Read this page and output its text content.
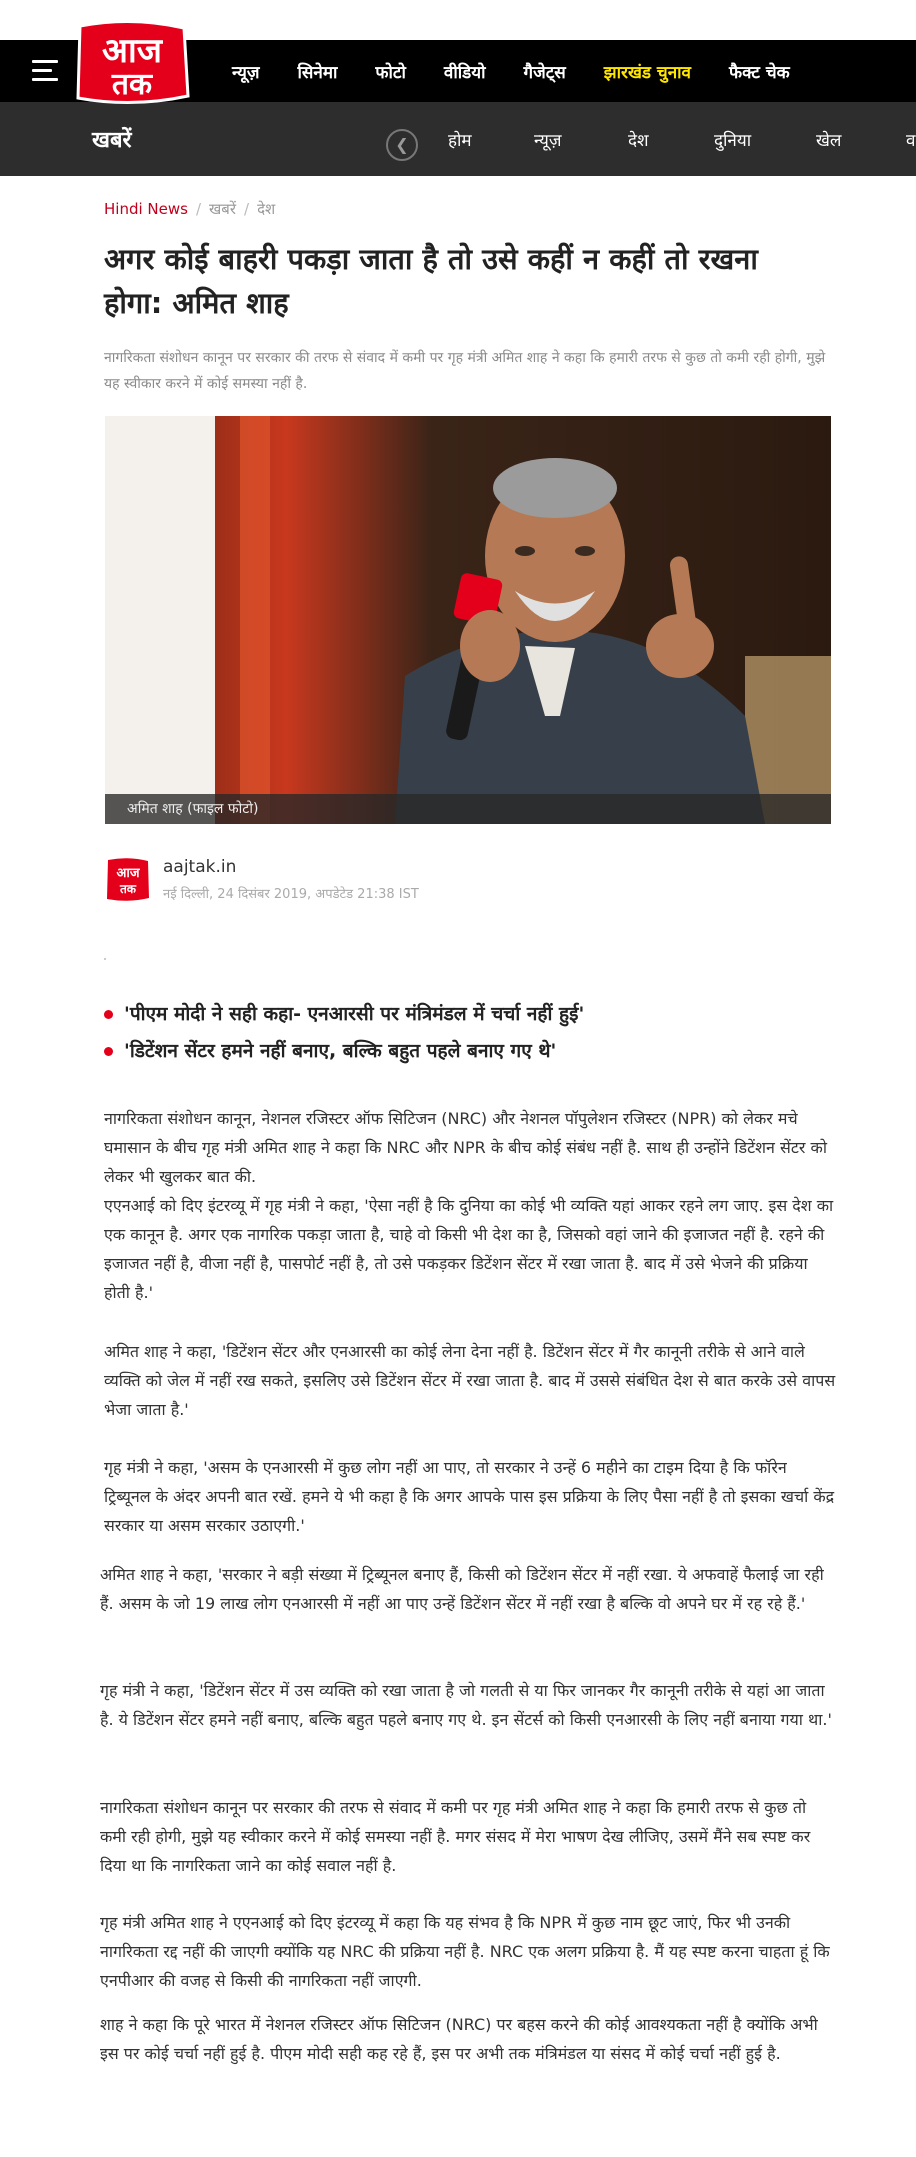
न्यूज़ सिनेमा फोटो वीडियो गैजेट्स झारखंड चुनाव फैक्ट चेक
आज
तक
खबरें	❮	होम	न्यूज़	देश	दुनिया	खेल	व
Hindi News / खबरें / देश
अगर कोई बाहरी पकड़ा जाता है तो उसे कहीं न कहीं तो रखना होगा: अमित शाह

नागरिकता संशोधन कानून पर सरकार की तरफ से संवाद में कमी पर गृह मंत्री अमित शाह ने कहा कि हमारी तरफ से कुछ तो कमी रही होगी, मुझे यह स्वीकार करने में कोई समस्या नहीं है.

अमित शाह (फाइल फोटो)
आज
तक
aajtak.in
नई दिल्ली, 24 दिसंबर 2019, अपडेटेड 21:38 IST
'पीएम मोदी ने सही कहा- एनआरसी पर मंत्रिमंडल में चर्चा नहीं हुई'
'डिटेंशन सेंटर हमने नहीं बनाए, बल्कि बहुत पहले बनाए गए थे'

नागरिकता संशोधन कानून, नेशनल रजिस्टर ऑफ सिटिजन (NRC) और नेशनल पॉपुलेशन रजिस्टर (NPR) को लेकर मचे घमासान के बीच गृह मंत्री अमित शाह ने कहा कि NRC और NPR के बीच कोई संबंध नहीं है. साथ ही उन्होंने डिटेंशन सेंटर को लेकर भी खुलकर बात की.

एएनआई को दिए इंटरव्यू में गृह मंत्री ने कहा, 'ऐसा नहीं है कि दुनिया का कोई भी व्यक्ति यहां आकर रहने लग जाए. इस देश का एक कानून है. अगर एक नागरिक पकड़ा जाता है, चाहे वो किसी भी देश का है, जिसको वहां जाने की इजाजत नहीं है. रहने की इजाजत नहीं है, वीजा नहीं है, पासपोर्ट नहीं है, तो उसे पकड़कर डिटेंशन सेंटर में रखा जाता है. बाद में उसे भेजने की प्रक्रिया होती है.'

अमित शाह ने कहा, 'डिटेंशन सेंटर और एनआरसी का कोई लेना देना नहीं है. डिटेंशन सेंटर में गैर कानूनी तरीके से आने वाले व्यक्ति को जेल में नहीं रख सकते, इसलिए उसे डिटेंशन सेंटर में रखा जाता है. बाद में उससे संबंधित देश से बात करके उसे वापस भेजा जाता है.'

गृह मंत्री ने कहा, 'असम के एनआरसी में कुछ लोग नहीं आ पाए, तो सरकार ने उन्हें 6 महीने का टाइम दिया है कि फॉरेन ट्रिब्यूनल के अंदर अपनी बात रखें. हमने ये भी कहा है कि अगर आपके पास इस प्रक्रिया के लिए पैसा नहीं है तो इसका खर्चा केंद्र सरकार या असम सरकार उठाएगी.'

अमित शाह ने कहा, 'सरकार ने बड़ी संख्या में ट्रिब्यूनल बनाए हैं, किसी को डिटेंशन सेंटर में नहीं रखा. ये अफवाहें फैलाई जा रही हैं. असम के जो 19 लाख लोग एनआरसी में नहीं आ पाए उन्हें डिटेंशन सेंटर में नहीं रखा है बल्कि वो अपने घर में रह रहे हैं.'

गृह मंत्री ने कहा, 'डिटेंशन सेंटर में उस व्यक्ति को रखा जाता है जो गलती से या फिर जानकर गैर कानूनी तरीके से यहां आ जाता है. ये डिटेंशन सेंटर हमने नहीं बनाए, बल्कि बहुत पहले बनाए गए थे. इन सेंटर्स को किसी एनआरसी के लिए नहीं बनाया गया था.'

नागरिकता संशोधन कानून पर सरकार की तरफ से संवाद में कमी पर गृह मंत्री अमित शाह ने कहा कि हमारी तरफ से कुछ तो कमी रही होगी, मुझे यह स्वीकार करने में कोई समस्या नहीं है. मगर संसद में मेरा भाषण देख लीजिए, उसमें मैंने सब स्पष्ट कर दिया था कि नागरिकता जाने का कोई सवाल नहीं है.

गृह मंत्री अमित शाह ने एएनआई को दिए इंटरव्यू में कहा कि यह संभव है कि NPR में कुछ नाम छूट जाएं, फिर भी उनकी नागरिकता रद्द नहीं की जाएगी क्योंकि यह NRC की प्रक्रिया नहीं है. NRC एक अलग प्रक्रिया है. मैं यह स्पष्ट करना चाहता हूं कि एनपीआर की वजह से किसी की नागरिकता नहीं जाएगी.

शाह ने कहा कि पूरे भारत में नेशनल रजिस्टर ऑफ सिटिजन (NRC) पर बहस करने की कोई आवश्यकता नहीं है क्योंकि अभी इस पर कोई चर्चा नहीं हुई है. पीएम मोदी सही कह रहे हैं, इस पर अभी तक मंत्रिमंडल या संसद में कोई चर्चा नहीं हुई है.
